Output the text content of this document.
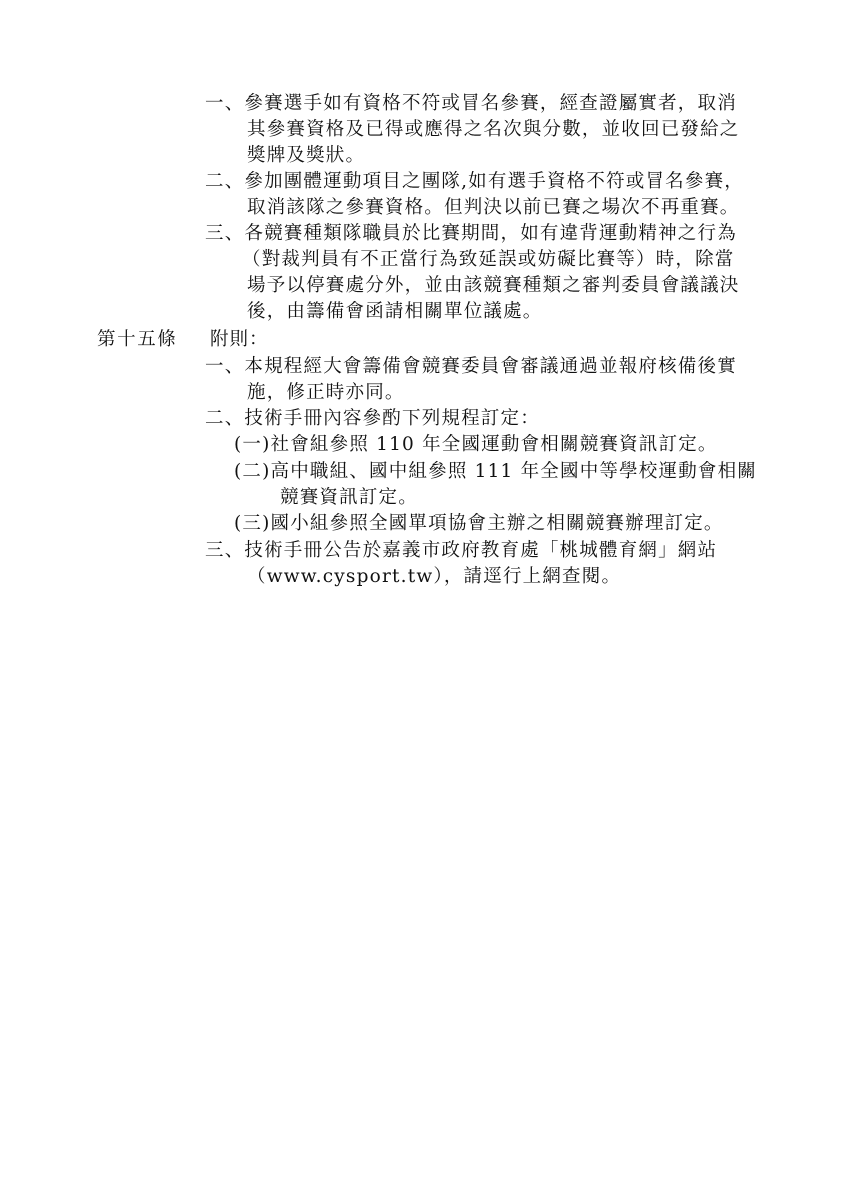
一、參賽選手如有資格不符或冒名參賽，經查證屬實者，取消
其參賽資格及已得或應得之名次與分數，並收回已發給之
獎牌及獎狀。
二、參加團體運動項目之團隊,如有選手資格不符或冒名參賽，
取消該隊之參賽資格。但判決以前已賽之場次不再重賽。
三、各競賽種類隊職員於比賽期間，如有違背運動精神之行為
（對裁判員有不正當行為致延誤或妨礙比賽等）時，除當
場予以停賽處分外，並由該競賽種類之審判委員會議議決
後，由籌備會函請相關單位議處。
第十五條 附則：
一、本規程經大會籌備會競賽委員會審議通過並報府核備後實
施，修正時亦同。
二、技術手冊內容參酌下列規程訂定：
(一)社會組參照 110 年全國運動會相關競賽資訊訂定。
(二)高中職組、國中組參照 111 年全國中等學校運動會相關
競賽資訊訂定。
(三)國小組參照全國單項協會主辦之相關競賽辦理訂定。
三、技術手冊公告於嘉義市政府教育處「桃城體育網」網站
（www.cysport.tw），請逕行上網查閱。
